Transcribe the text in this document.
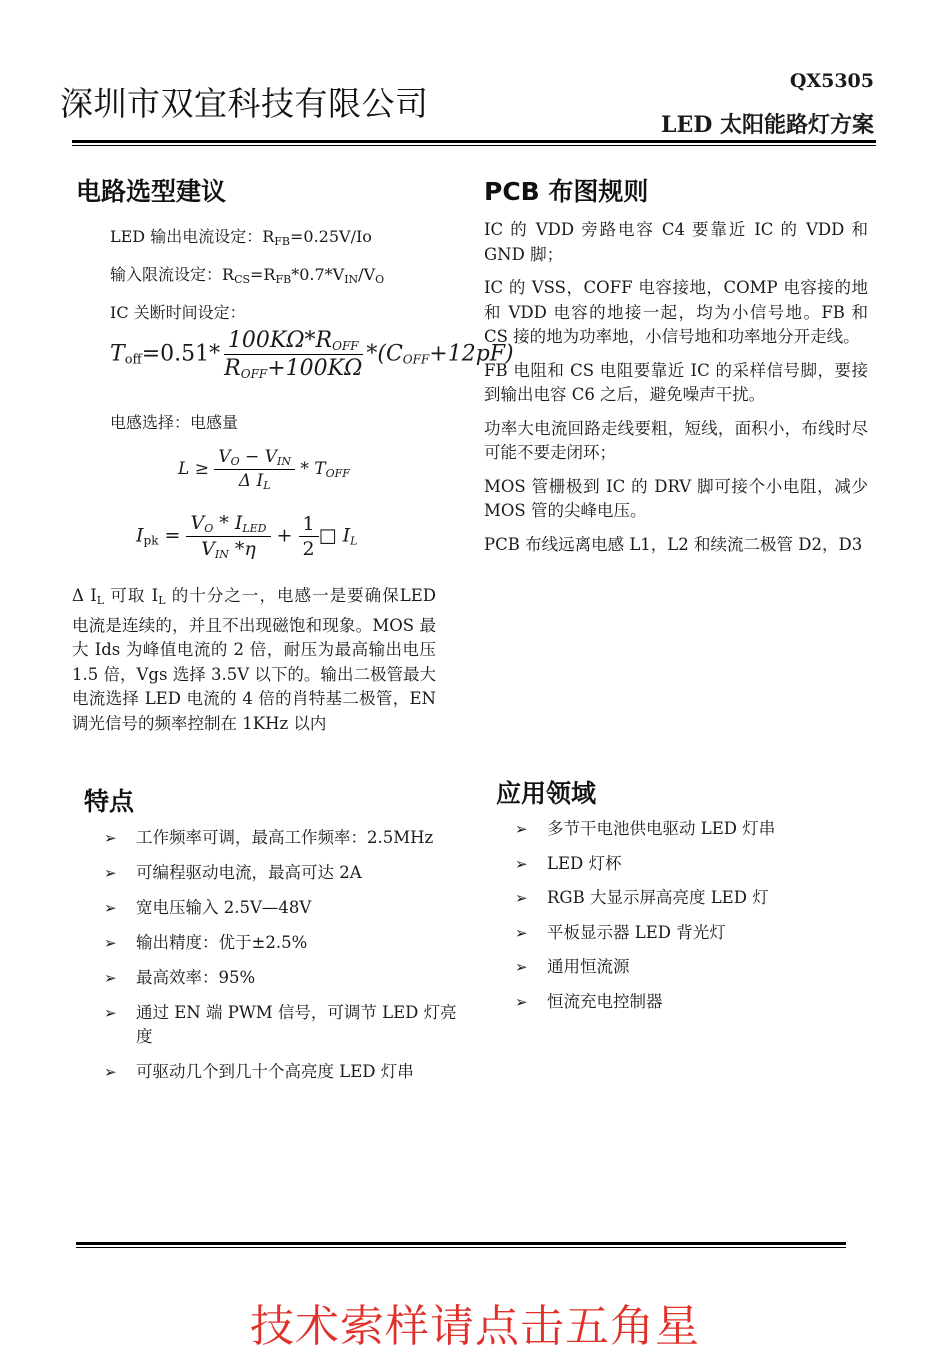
深圳市双宜科技有限公司
QX5305
LED 太阳能路灯方案
电路选型建议
LED 输出电流设定：$R_{FB}=0.25V/Io$
输入限流设定：$R_{CS}=R_{FB}*0.7*V_{IN}/V_O$
IC 关断时间设定：
$T_{off}=0.51* \frac{100K\Omega*R_{OFF}}{R_{OFF}+100K\Omega} *(C_{OFF}+12pF)$
电感选择：电感量
$L \ge \frac{V_O - V_{IN}}{\Delta I_L} * T_{OFF}$
$I_{pk} = \frac{V_O * I_{LED}}{V_{IN} *\eta} + \frac{1}{2}$ □ $I_L$
Δ $I_L$ 可取 $I_L$ 的十分之一，电感一是要确保LED 电流是连续的，并且不出现磁饱和现象。MOS 最大 Ids 为峰值电流的 2 倍，耐压为最高输出电压 1.5 倍，Vgs 选择 3.5V 以下的。输出二极管最大电流选择 LED 电流的 4 倍的肖特基二极管，EN 调光信号的频率控制在 1KHz 以内
PCB 布图规则
IC 的 VDD 旁路电容 C4 要靠近 IC 的 VDD 和 GND 脚；
IC 的 VSS，COFF 电容接地，COMP 电容接的地和 VDD 电容的地接一起，均为小信号地。FB 和 CS 接的地为功率地，小信号地和功率地分开走线。
FB 电阻和 CS 电阻要靠近 IC 的采样信号脚，要接到输出电容 C6 之后，避免噪声干扰。
功率大电流回路走线要粗，短线，面积小，布线时尽可能不要走闭环；
MOS 管栅极到 IC 的 DRV 脚可接个小电阻，减少 MOS 管的尖峰电压。
PCB 布线远离电感 L1，L2 和续流二极管 D2，D3
特点
➢ 工作频率可调，最高工作频率：2.5MHz
➢ 可编程驱动电流，最高可达 2A
➢ 宽电压输入 2.5V—48V
➢ 输出精度：优于±2.5%
➢ 最高效率：95%
➢ 通过 EN 端 PWM 信号，可调节 LED 灯亮度
➢ 可驱动几个到几十个高亮度 LED 灯串
应用领域
➢ 多节干电池供电驱动 LED 灯串
➢ LED 灯杯
➢ RGB 大显示屏高亮度 LED 灯
➢ 平板显示器 LED 背光灯
➢ 通用恒流源
➢ 恒流充电控制器
技术索样请点击五角星
